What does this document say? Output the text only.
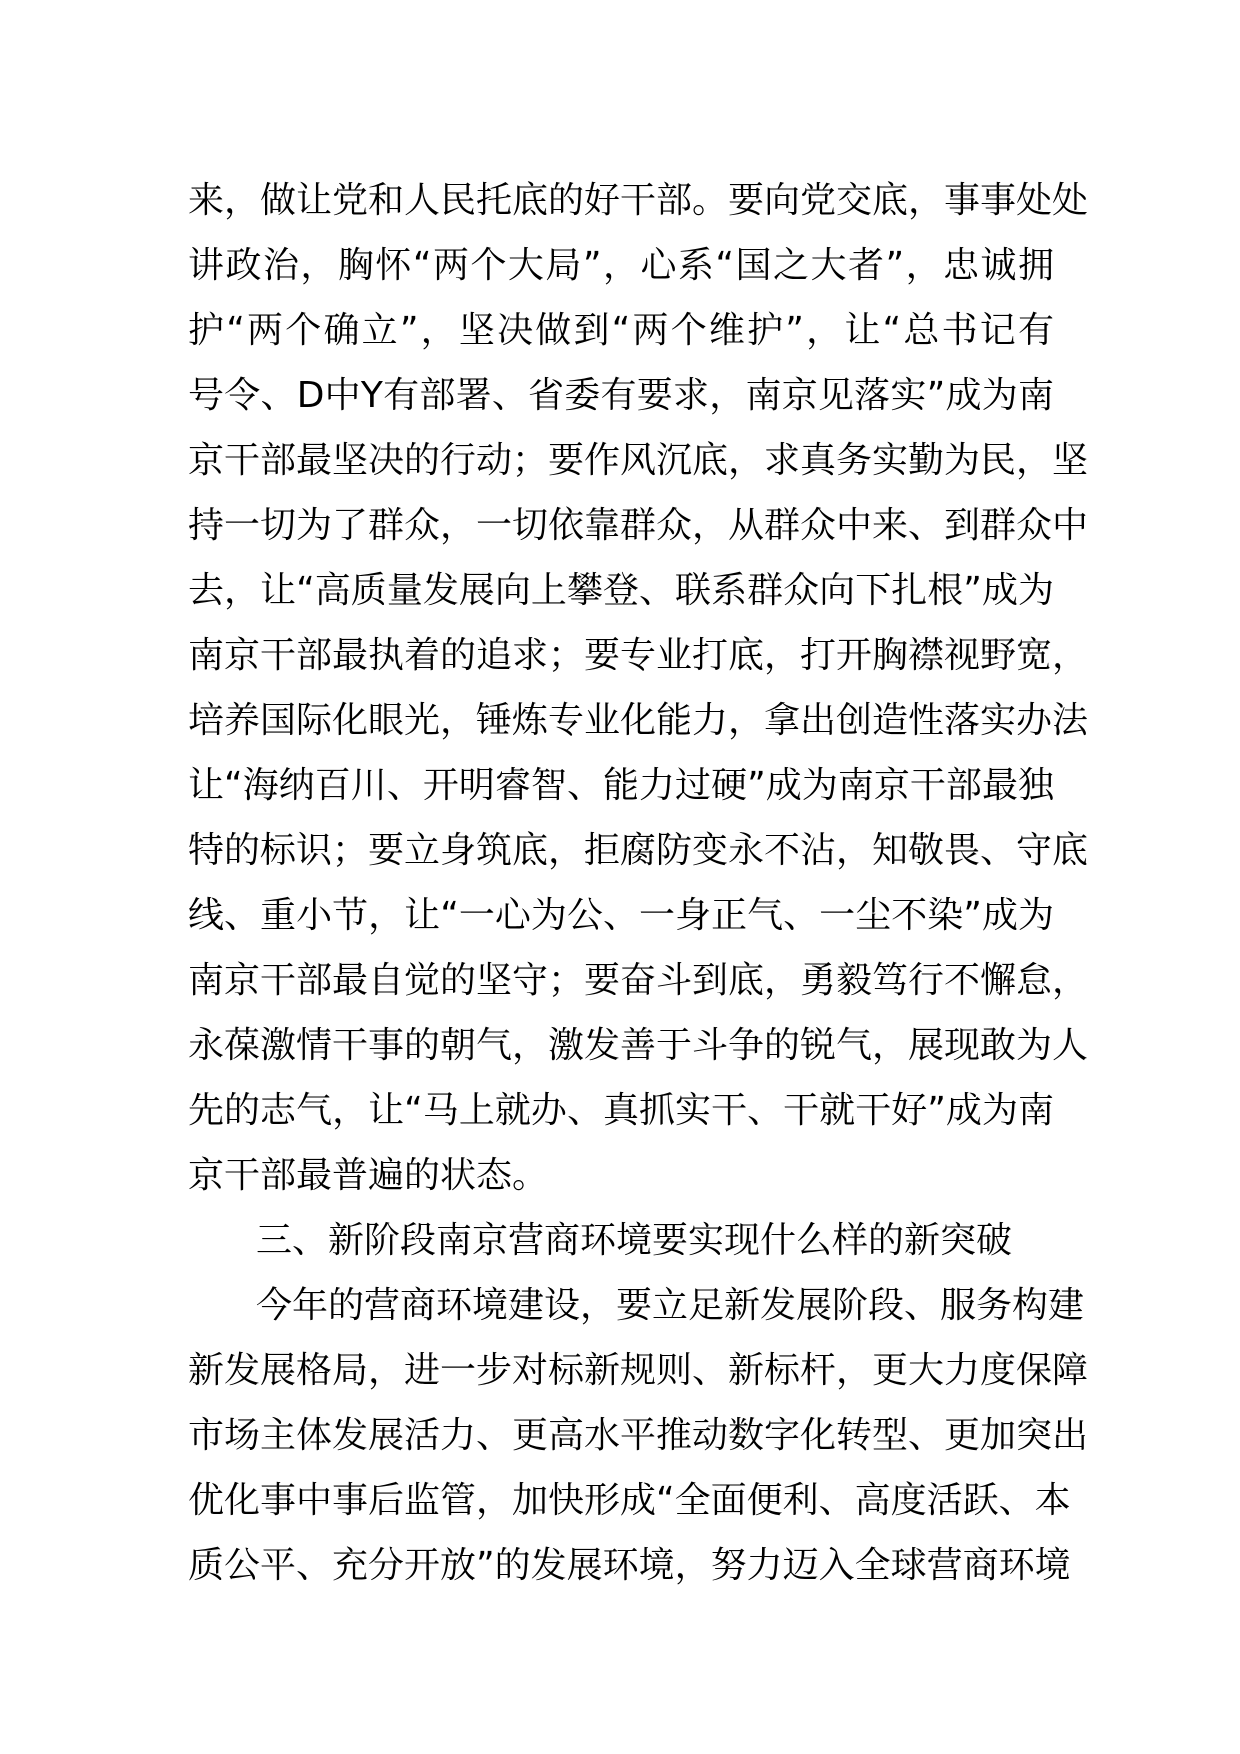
来，做让党和人民托底的好干部。要向党交底，事事处处
讲政治，胸怀“两个大局”，心系“国之大者”，忠诚拥
护“两个确立”，坚决做到“两个维护”，让“总书记有
号令、D中Y有部署、省委有要求，南京见落实”成为南
京干部最坚决的行动；要作风沉底，求真务实勤为民，坚
持一切为了群众，一切依靠群众，从群众中来、到群众中
去，让“高质量发展向上攀登、联系群众向下扎根”成为
南京干部最执着的追求；要专业打底，打开胸襟视野宽，
培养国际化眼光，锤炼专业化能力，拿出创造性落实办法
让“海纳百川、开明睿智、能力过硬”成为南京干部最独
特的标识；要立身筑底，拒腐防变永不沾，知敬畏、守底
线、重小节，让“一心为公、一身正气、一尘不染”成为
南京干部最自觉的坚守；要奋斗到底，勇毅笃行不懈怠，
永葆激情干事的朝气，激发善于斗争的锐气，展现敢为人
先的志气，让“马上就办、真抓实干、干就干好”成为南
京干部最普遍的状态。
三、新阶段南京营商环境要实现什么样的新突破
今年的营商环境建设，要立足新发展阶段、服务构建
新发展格局，进一步对标新规则、新标杆，更大力度保障
市场主体发展活力、更高水平推动数字化转型、更加突出
优化事中事后监管，加快形成“全面便利、高度活跃、本
质公平、充分开放”的发展环境，努力迈入全球营商环境
